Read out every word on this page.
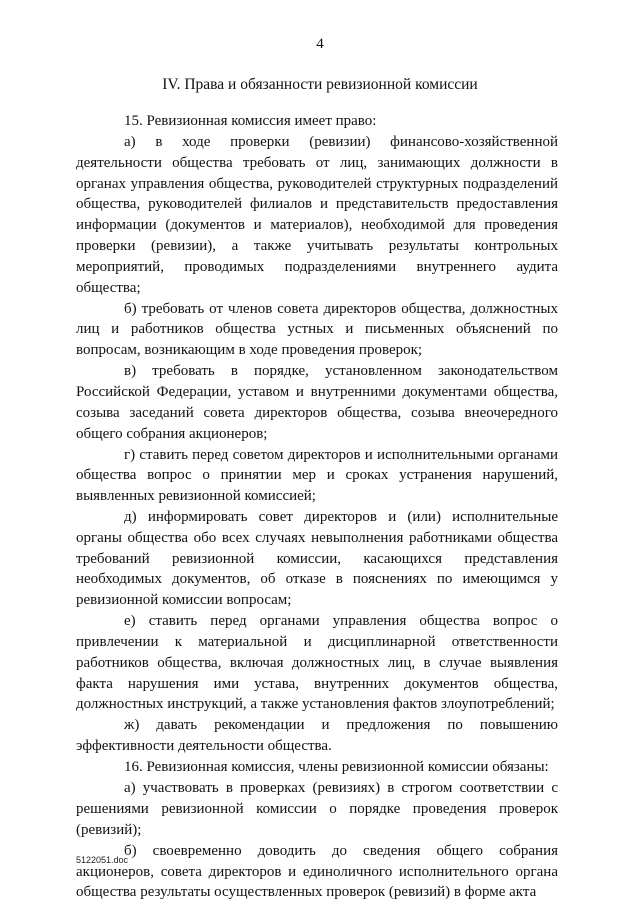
4
IV. Права и обязанности ревизионной комиссии

15. Ревизионная комиссия имеет право:

а) в ходе проверки (ревизии) финансово-хозяйственной деятельности общества требовать от лиц, занимающих должности в органах управления общества, руководителей структурных подразделений общества, руководителей филиалов и представительств предоставления информации (документов и материалов), необходимой для проведения проверки (ревизии), а также учитывать результаты контрольных мероприятий, проводимых подразделениями внутреннего аудита общества;

б) требовать от членов совета директоров общества, должностных лиц и работников общества устных и письменных объяснений по вопросам, возникающим в ходе проведения проверок;

в) требовать в порядке, установленном законодательством Российской Федерации, уставом и внутренними документами общества, созыва заседаний совета директоров общества, созыва внеочередного общего собрания акционеров;

г) ставить перед советом директоров и исполнительными органами общества вопрос о принятии мер и сроках устранения нарушений, выявленных ревизионной комиссией;

д) информировать совет директоров и (или) исполнительные органы общества обо всех случаях невыполнения работниками общества требований ревизионной комиссии, касающихся представления необходимых документов, об отказе в пояснениях по имеющимся у ревизионной комиссии вопросам;

е) ставить перед органами управления общества вопрос о привлечении к материальной и дисциплинарной ответственности работников общества, включая должностных лиц, в случае выявления факта нарушения ими устава, внутренних документов общества, должностных инструкций, а также установления фактов злоупотреблений;

ж) давать рекомендации и предложения по повышению эффективности деятельности общества.

16. Ревизионная комиссия, члены ревизионной комиссии обязаны:

а) участвовать в проверках (ревизиях) в строгом соответствии с решениями ревизионной комиссии о порядке проведения проверок (ревизий);

б) своевременно доводить до сведения общего собрания акционеров, совета директоров и единоличного исполнительного органа общества результаты осуществленных проверок (ревизий) в форме акта

5122051.doc
